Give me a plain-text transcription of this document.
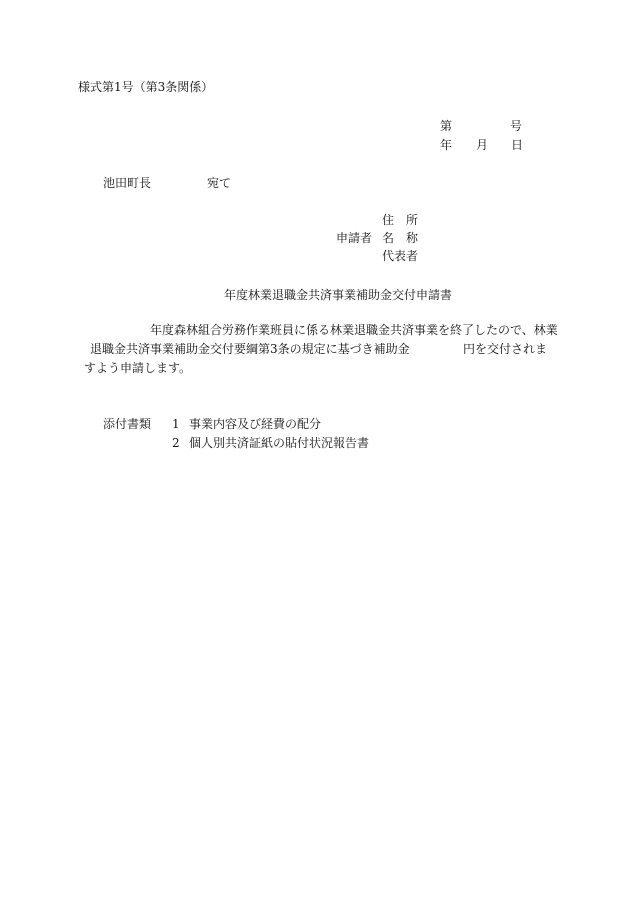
様式第1号（第3条関係）
第	号
年 月 日
池田町長	宛て
住　所
申請者 名　称
代表者
年度林業退職金共済事業補助金交付申請書
年度森林組合労務作業班員に係る林業退職金共済事業を終了したので、林業
退職金共済事業補助金交付要綱第3条の規定に基づき補助金	円を交付されま
すよう申請します。
添付書類 1 事業内容及び経費の配分
2 個人別共済証紙の貼付状況報告書
